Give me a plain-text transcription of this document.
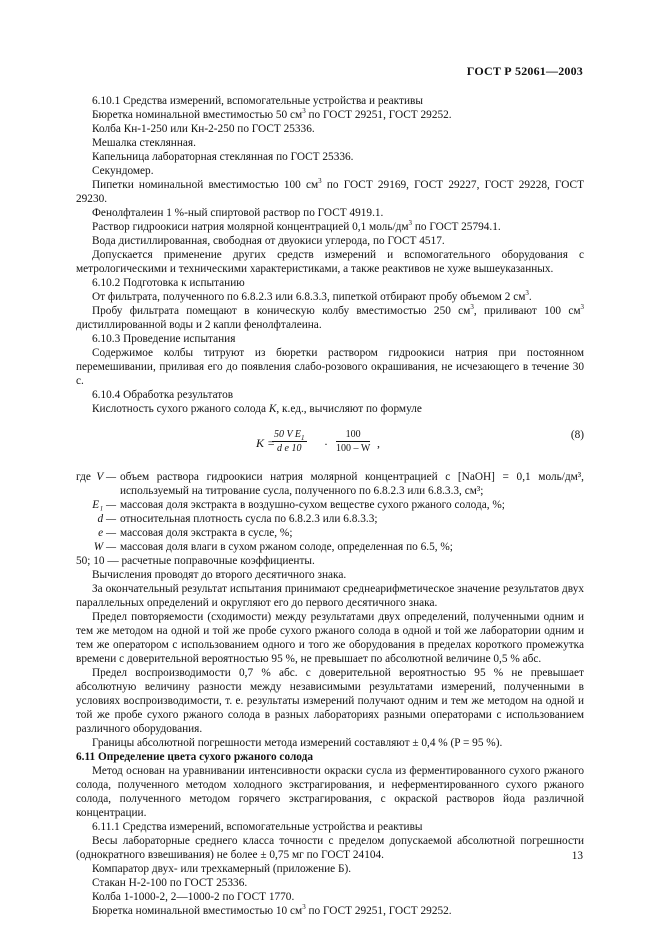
ГОСТ Р 52061—2003

6.10.1 Средства измерений, вспомогательные устройства и реактивы

Бюретка номинальной вместимостью 50 $см^3$ по ГОСТ 29251, ГОСТ 29252.

Колба Кн-1-250 или Кн-2-250 по ГОСТ 25336.

Мешалка стеклянная.

Капельница лабораторная стеклянная по ГОСТ 25336.

Секундомер.

Пипетки номинальной вместимостью 100 $см^3$ по ГОСТ 29169, ГОСТ 29227, ГОСТ 29228, ГОСТ 29230.

Фенолфталеин 1 %-ный спиртовой раствор по ГОСТ 4919.1.

Раствор гидроокиси натрия молярной концентрацией 0,1 моль/$дм^3$ по ГОСТ 25794.1.

Вода дистиллированная, свободная от двуокиси углерода, по ГОСТ 4517.

Допускается применение других средств измерений и вспомогательного оборудования с метрологическими и техническими характеристиками, а также реактивов не хуже вышеуказанных.

6.10.2 Подготовка к испытанию

От фильтрата, полученного по 6.8.2.3 или 6.8.3.3, пипеткой отбирают пробу объемом 2 $см^3$.

Пробу фильтрата помещают в коническую колбу вместимостью 250 $см^3$, приливают 100 $см^3$ дистиллированной воды и 2 капли фенолфталеина.

6.10.3 Проведение испытания

Содержимое колбы титруют из бюретки раствором гидроокиси натрия при постоянном перемешивании, приливая его до появления слабо-розового окрашивания, не исчезающего в течение 30 с.

6.10.4 Обработка результатов

Кислотность сухого ржаного солода K, к.ед., вычисляют по формуле

K =
$\frac{50 V E_1}{\text{d e 10}} \cdot \frac{100}{100 - W}$ ,
(8)
где V — объем раствора гидроокиси натрия молярной концентрацией c [NaOH] = 0,1 моль/дм³, используемый на титрование сусла, полученного по 6.8.2.3 или 6.8.3.3, см³;
E₁ — массовая доля экстракта в воздушно-сухом веществе сухого ржаного солода, %;
d — относительная плотность сусла по 6.8.2.3 или 6.8.3.3;
e — массовая доля экстракта в сусле, %;
W — массовая доля влаги в сухом ржаном солоде, определенная по 6.5, %;

50; 10 — расчетные поправочные коэффициенты.

Вычисления проводят до второго десятичного знака.

За окончательный результат испытания принимают среднеарифметическое значение результатов двух параллельных определений и округляют его до первого десятичного знака.

Предел повторяемости (сходимости) между результатами двух определений, полученными одним и тем же методом на одной и той же пробе сухого ржаного солода в одной и той же лаборатории одним и тем же оператором с использованием одного и того же оборудования в пределах короткого промежутка времени с доверительной вероятностью 95 %, не превышает по абсолютной величине 0,5 % абс.

Предел воспроизводимости 0,7 % абс. с доверительной вероятностью 95 % не превышает абсолютную величину разности между независимыми результатами измерений, полученными в условиях воспроизводимости, т. е. результаты измерений получают одним и тем же методом на одной и той же пробе сухого ржаного солода в разных лабораториях разными операторами с использованием различного оборудования.

Границы абсолютной погрешности метода измерений составляют ± 0,4 % (P = 95 %).

6.11 Определение цвета сухого ржаного солода

Метод основан на уравнивании интенсивности окраски сусла из ферментированного сухого ржаного солода, полученного методом холодного экстрагирования, и неферментированного сухого ржаного солода, полученного методом горячего экстрагирования, с окраской растворов йода различной концентрации.

6.11.1 Средства измерений, вспомогательные устройства и реактивы

Весы лабораторные среднего класса точности с пределом допускаемой абсолютной погрешности (однократного взвешивания) не более ± 0,75 мг по ГОСТ 24104.

Компаратор двух- или трехкамерный (приложение Б).

Стакан Н-2-100 по ГОСТ 25336.

Колба 1-1000-2, 2—1000-2 по ГОСТ 1770.

Бюретка номинальной вместимостью 10 $см^3$ по ГОСТ 29251, ГОСТ 29252.

13
